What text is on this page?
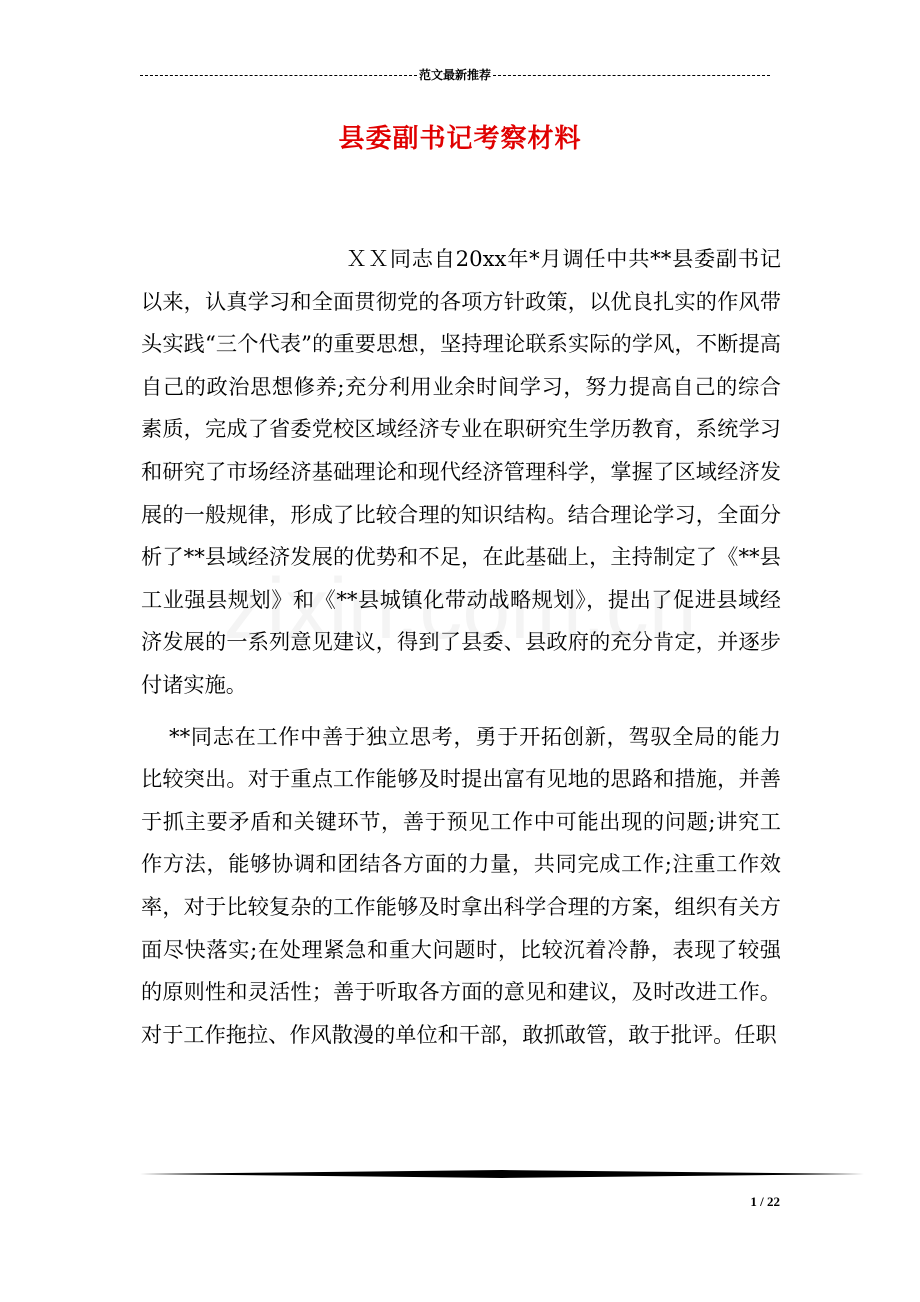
范文最新推荐
县委副书记考察材料

ＸＸ同志自20xx年*月调任中共**县委副书记以来，认真学习和全面贯彻党的各项方针政策，以优良扎实的作风带头实践“三个代表”的重要思想，坚持理论联系实际的学风，不断提高自己的政治思想修养;充分利用业余时间学习，努力提高自己的综合素质，完成了省委党校区域经济专业在职研究生学历教育，系统学习和研究了市场经济基础理论和现代经济管理科学，掌握了区域经济发展的一般规律，形成了比较合理的知识结构。结合理论学习，全面分析了**县域经济发展的优势和不足，在此基础上，主持制定了《**县工业强县规划》和《**县城镇化带动战略规划》，提出了促进县域经济发展的一系列意见建议，得到了县委、县政府的充分肯定，并逐步付诸实施。

**同志在工作中善于独立思考，勇于开拓创新，驾驭全局的能力比较突出。对于重点工作能够及时提出富有见地的思路和措施，并善于抓主要矛盾和关键环节，善于预见工作中可能出现的问题;讲究工作方法，能够协调和团结各方面的力量，共同完成工作;注重工作效率，对于比较复杂的工作能够及时拿出科学合理的方案，组织有关方面尽快落实;在处理紧急和重大问题时，比较沉着冷静，表现了较强的原则性和灵活性；善于听取各方面的意见和建议，及时改进工作。对于工作拖拉、作风散漫的单位和干部，敢抓敢管，敢于批评。任职

1 / 22
